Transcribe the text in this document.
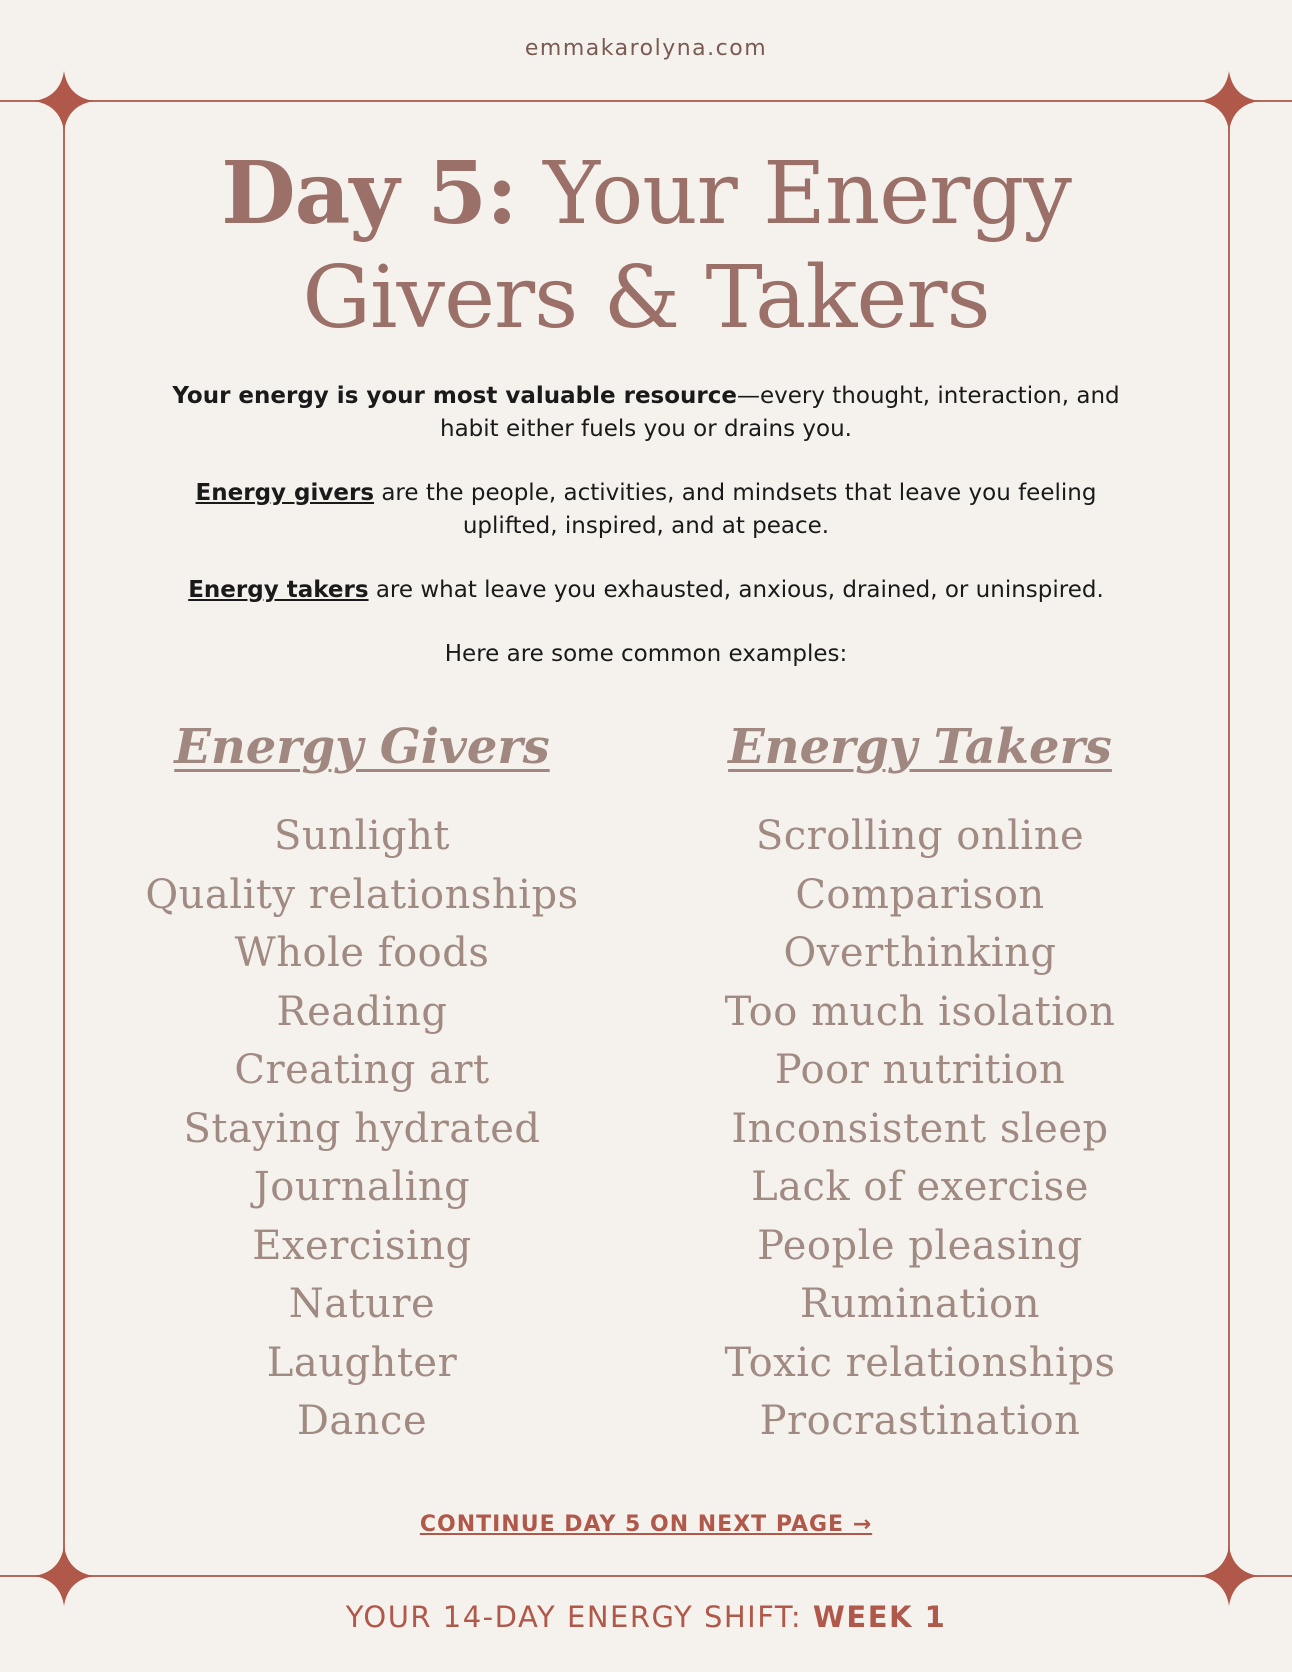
emmakarolyna.com
Day 5: Your Energy
Givers & Takers

Your energy is your most valuable resource—every thought, interaction, and habit either fuels you or drains you.

Energy givers are the people, activities, and mindsets that leave you feeling uplifted, inspired, and at peace.

Energy takers are what leave you exhausted, anxious, drained, or uninspired.

Here are some common examples:

Energy Givers
Sunlight
Quality relationships
Whole foods
Reading
Creating art
Staying hydrated
Journaling
Exercising
Nature
Laughter
Dance
Energy Takers
Scrolling online
Comparison
Overthinking
Too much isolation
Poor nutrition
Inconsistent sleep
Lack of exercise
People pleasing
Rumination
Toxic relationships
Procrastination
CONTINUE DAY 5 ON NEXT PAGE →
YOUR 14-DAY ENERGY SHIFT: WEEK 1
